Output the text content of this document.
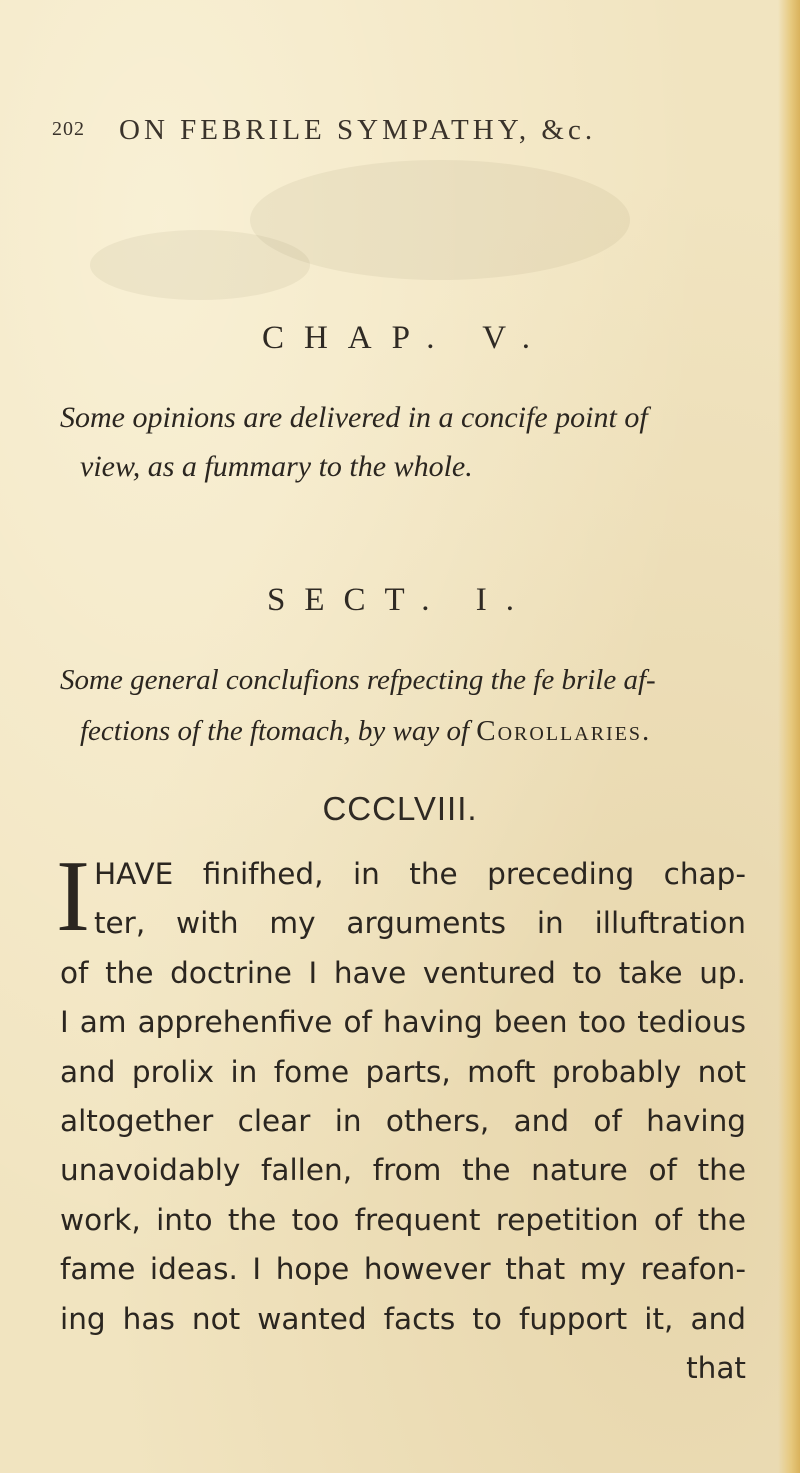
202 ON FEBRILE SYMPATHY, &c.
CHAP. V.
Some opinions are delivered in a concife point of
view, as a fummary to the whole.
SECT. I.
Some general conclufions refpecting the fe brile af-
fections of the ftomach, by way of Corollaries.
CCCLVIII.
I HAVE finifhed, in the preceding chap-
ter, with my arguments in illuftration
of the doctrine I have ventured to take up.
I am apprehenfive of having been too tedious
and prolix in fome parts, moft probably not
altogether clear in others, and of having
unavoidably fallen, from the nature of the
work, into the too frequent repetition of the
fame ideas. I hope however that my reafon-
ing has not wanted facts to fupport it, and
that
